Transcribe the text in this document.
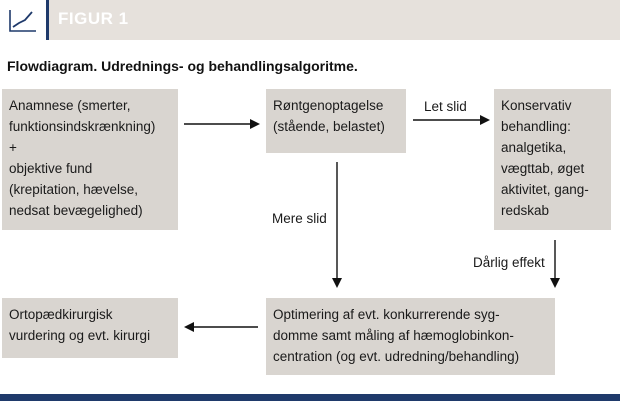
FIGUR 1
Flowdiagram. Udrednings- og behandlingsalgoritme.
Anamnese (smerter,
funktionsindskrænkning)
+
objektive fund
(krepitation, hævelse,
nedsat bevægelighed)
Røntgenoptagelse
(stående, belastet)
Konservativ
behandling:
analgetika,
vægttab, øget
aktivitet, gang-
redskab
Optimering af evt. konkurrerende syg-
domme samt måling af hæmoglobinkon-
centration (og evt. udredning/behandling)
Ortopædkirurgisk
vurdering og evt. kirurgi
Let slid
Mere slid
Dårlig effekt
